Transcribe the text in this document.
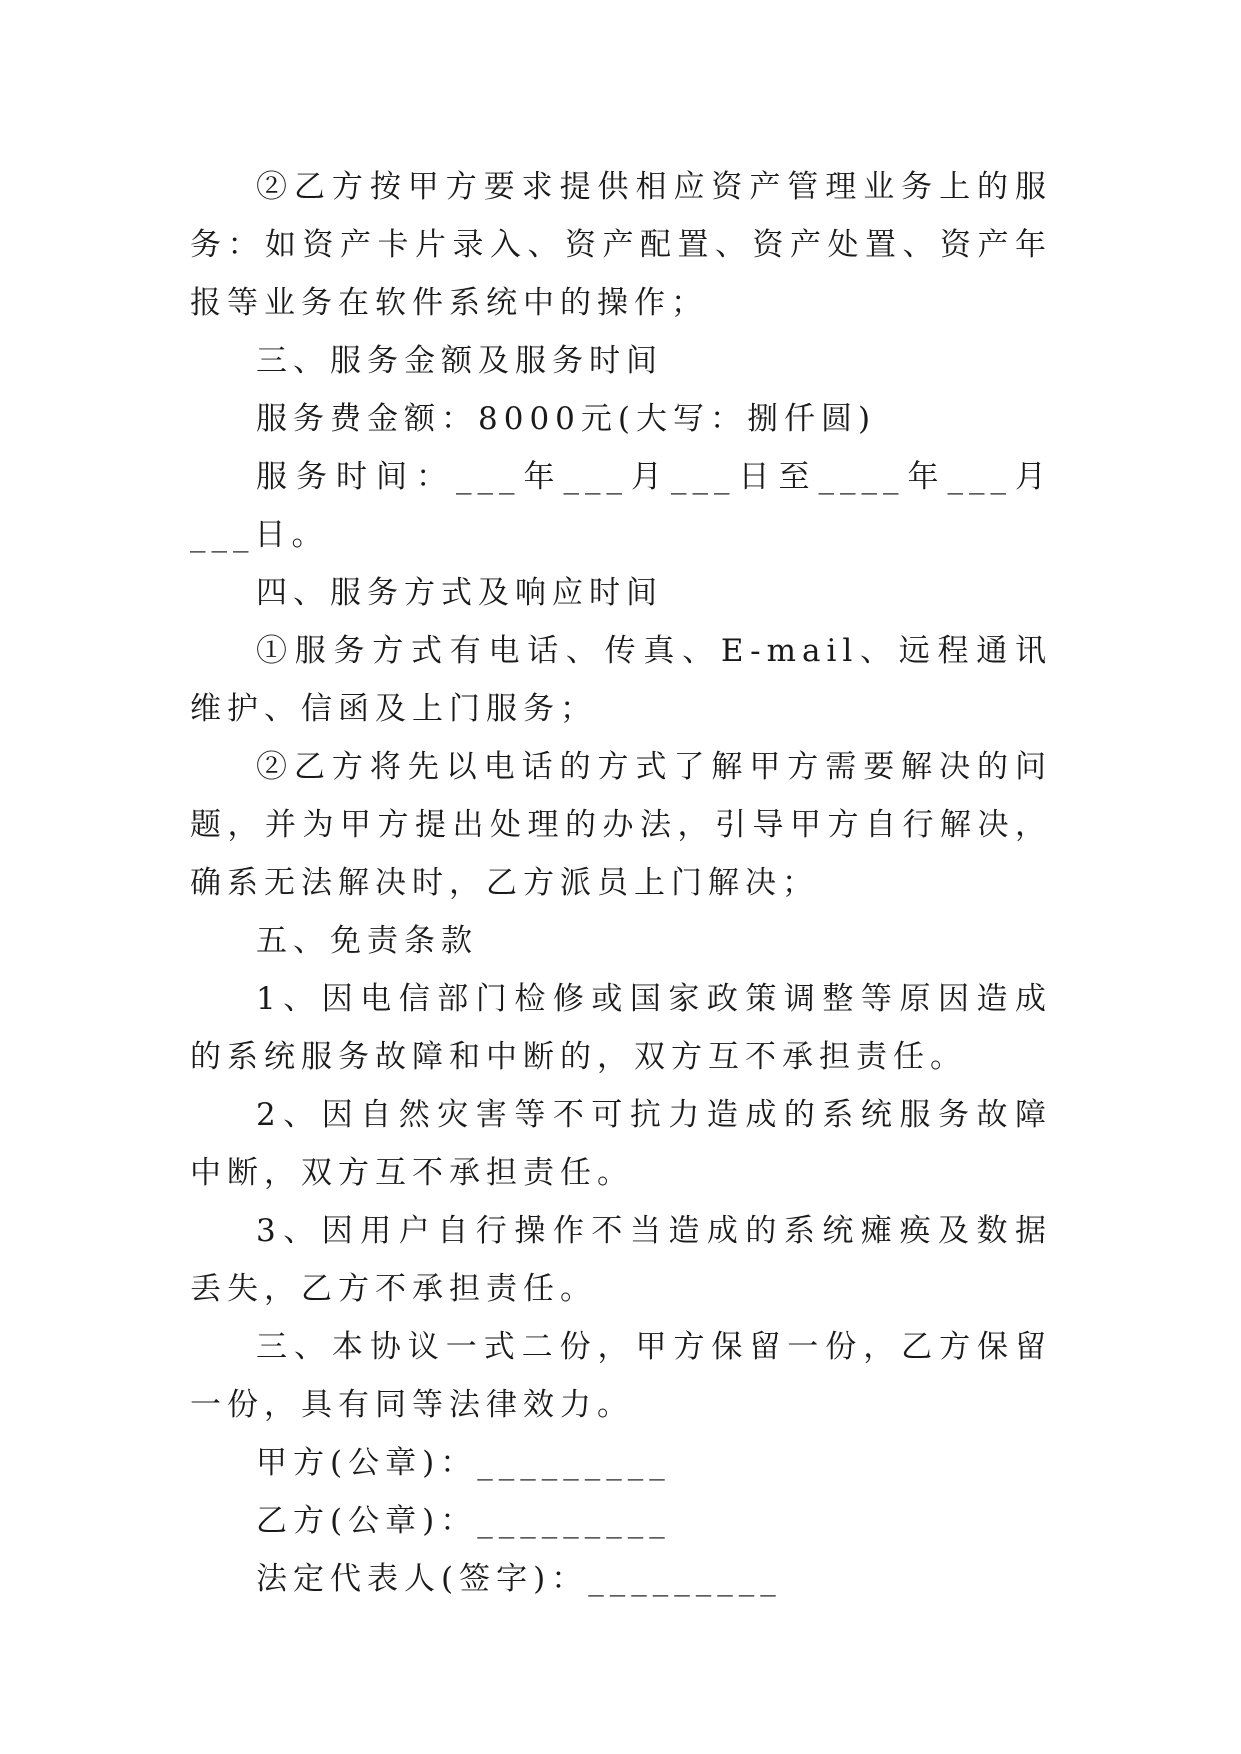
②乙方按甲方要求提供相应资产管理业务上的服务：如资产卡片录入、资产配置、资产处置、资产年报等业务在软件系统中的操作；

三、服务金额及服务时间

服务费金额：8000元(大写：捌仟圆)

服务时间：___年___月___日至____年___月___日。

四、服务方式及响应时间

①服务方式有电话、传真、E-mail、远程通讯维护、信函及上门服务；

②乙方将先以电话的方式了解甲方需要解决的问题，并为甲方提出处理的办法，引导甲方自行解决，确系无法解决时，乙方派员上门解决；

五、免责条款

1、因电信部门检修或国家政策调整等原因造成的系统服务故障和中断的，双方互不承担责任。

2、因自然灾害等不可抗力造成的系统服务故障中断，双方互不承担责任。

3、因用户自行操作不当造成的系统瘫痪及数据丢失，乙方不承担责任。

三、本协议一式二份，甲方保留一份，乙方保留一份，具有同等法律效力。

甲方(公章)：_________

乙方(公章)：_________

法定代表人(签字)：_________
